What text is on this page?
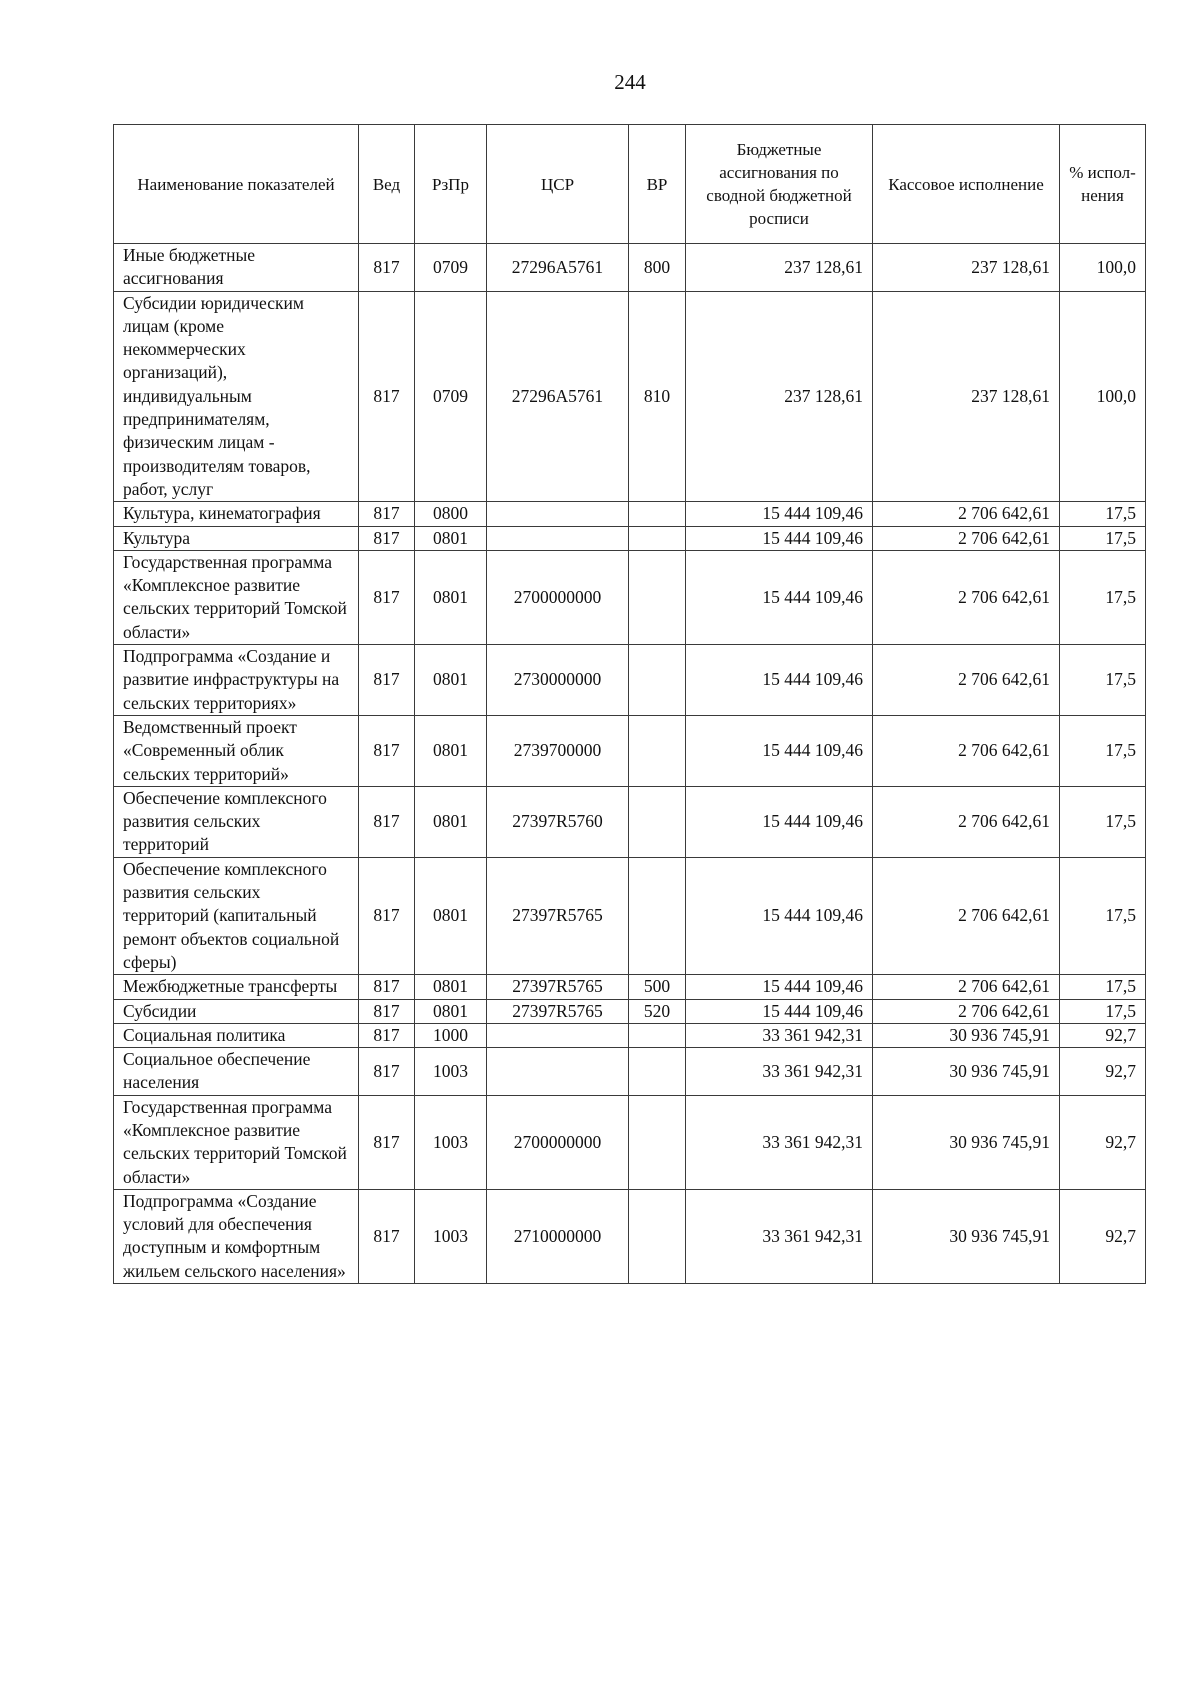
244
Наименование показателей	Вед	РзПр	ЦСР	ВР	Бюджетные ассигнования по сводной бюджетной росписи	Кассовое исполнение	% испол-нения
Иные бюджетные ассигнования	817	0709	27296A5761	800	237 128,61	237 128,61	100,0
Субсидии юридическим лицам (кроме некоммерческих организаций), индивидуальным предпринимателям, физическим лицам - производителям товаров, работ, услуг	817	0709	27296A5761	810	237 128,61	237 128,61	100,0
Культура, кинематография	817	0800			15 444 109,46	2 706 642,61	17,5
Культура	817	0801			15 444 109,46	2 706 642,61	17,5
Государственная программа «Комплексное развитие сельских территорий Томской области»	817	0801	2700000000		15 444 109,46	2 706 642,61	17,5
Подпрограмма «Создание и развитие инфраструктуры на сельских территориях»	817	0801	2730000000		15 444 109,46	2 706 642,61	17,5
Ведомственный проект «Современный облик сельских территорий»	817	0801	2739700000		15 444 109,46	2 706 642,61	17,5
Обеспечение комплексного развития сельских территорий	817	0801	27397R5760		15 444 109,46	2 706 642,61	17,5
Обеспечение комплексного развития сельских территорий (капитальный ремонт объектов социальной сферы)	817	0801	27397R5765		15 444 109,46	2 706 642,61	17,5
Межбюджетные трансферты	817	0801	27397R5765	500	15 444 109,46	2 706 642,61	17,5
Субсидии	817	0801	27397R5765	520	15 444 109,46	2 706 642,61	17,5
Социальная политика	817	1000			33 361 942,31	30 936 745,91	92,7
Социальное обеспечение населения	817	1003			33 361 942,31	30 936 745,91	92,7
Государственная программа «Комплексное развитие сельских территорий Томской области»	817	1003	2700000000		33 361 942,31	30 936 745,91	92,7
Подпрограмма «Создание условий для обеспечения доступным и комфортным жильем сельского населения»	817	1003	2710000000		33 361 942,31	30 936 745,91	92,7
